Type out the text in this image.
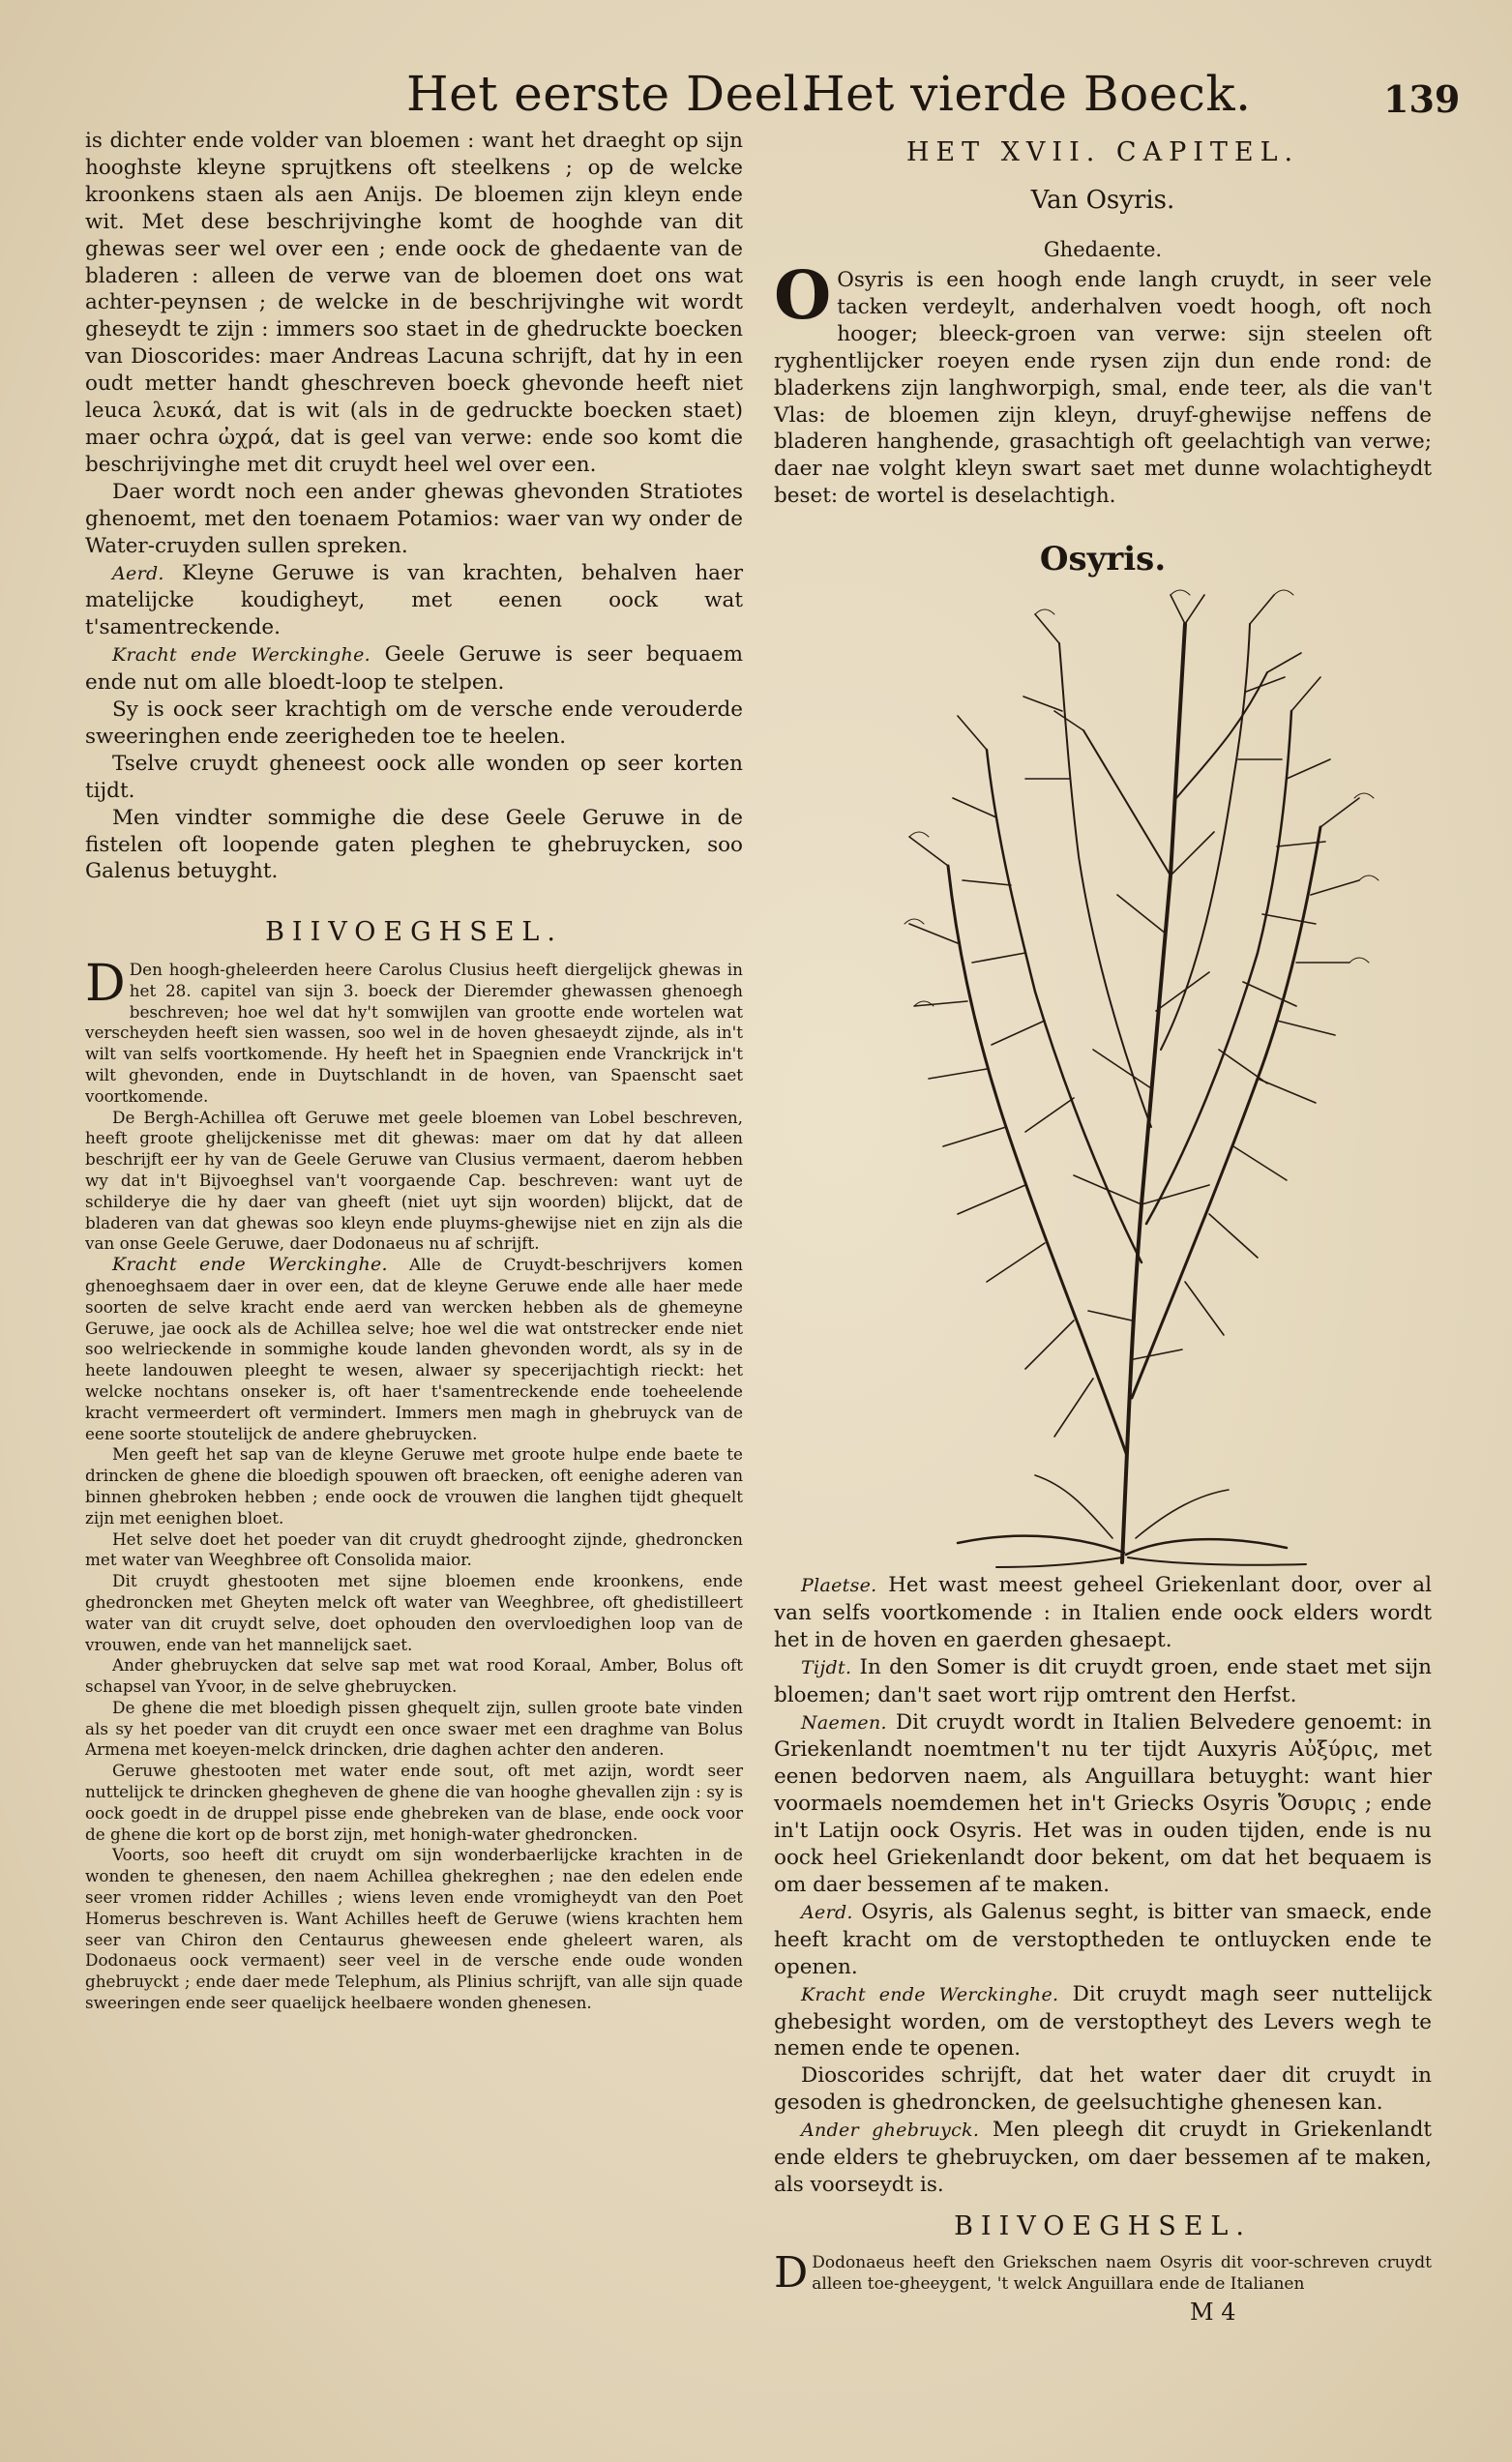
Het eerste Deel.
Het vierde Boeck.	139

is dichter ende volder van bloemen : want het draeght op sijn hooghste kleyne sprujtkens oft steelkens ; op de welcke kroonkens staen als aen Anijs. De bloemen zijn kleyn ende wit. Met dese beschrijvinghe komt de hooghde van dit ghewas seer wel over een ; ende oock de ghedaente van de bladeren : alleen de verwe van de bloemen doet ons wat achter-peynsen ; de welcke in de beschrijvinghe wit wordt gheseydt te zijn : immers soo staet in de ghedruckte boecken van Dioscorides: maer Andreas Lacuna schrijft, dat hy in een oudt metter handt gheschreven boeck ghevonde heeft niet leuca λευκά, dat is wit (als in de gedruckte boecken staet) maer ochra ὠχρά, dat is geel van verwe: ende soo komt die beschrijvinghe met dit cruydt heel wel over een.

Daer wordt noch een ander ghewas ghevonden Stratiotes ghenoemt, met den toenaem Potamios: waer van wy onder de Water-cruyden sullen spreken.

Aerd. Kleyne Geruwe is van krachten, behalven haer matelijcke koudigheyt, met eenen oock wat t'samentreckende.

Kracht ende Werckinghe. Geele Geruwe is seer bequaem ende nut om alle bloedt-loop te stelpen.

Sy is oock seer krachtigh om de versche ende verouderde sweeringhen ende zeerigheden toe te heelen.

Tselve cruydt gheneest oock alle wonden op seer korten tijdt.

Men vindter sommighe die dese Geele Geruwe in de fistelen oft loopende gaten pleghen te ghebruycken, soo Galenus betuyght.

BIIVOEGHSEL.

D Den hoogh-gheleerden heere Carolus Clusius heeft diergelijck ghewas in het 28. capitel van sijn 3. boeck der Dieremder ghewassen ghenoegh beschreven; hoe wel dat hy't somwijlen van grootte ende wortelen wat verscheyden heeft sien wassen, soo wel in de hoven ghesaeydt zijnde, als in't wilt van selfs voortkomende. Hy heeft het in Spaegnien ende Vranckrijck in't wilt ghevonden, ende in Duytschlandt in de hoven, van Spaenscht saet voortkomende.

De Bergh-Achillea oft Geruwe met geele bloemen van Lobel beschreven, heeft groote ghelijckenisse met dit ghewas: maer om dat hy dat alleen beschrijft eer hy van de Geele Geruwe van Clusius vermaent, daerom hebben wy dat in't Bijvoeghsel van't voorgaende Cap. beschreven: want uyt de schilderye die hy daer van gheeft (niet uyt sijn woorden) blijckt, dat de bladeren van dat ghewas soo kleyn ende pluyms-ghewijse niet en zijn als die van onse Geele Geruwe, daer Dodonaeus nu af schrijft.

Kracht ende Werckinghe. Alle de Cruydt-beschrijvers komen ghenoeghsaem daer in over een, dat de kleyne Geruwe ende alle haer mede soorten de selve kracht ende aerd van wercken hebben als de ghemeyne Geruwe, jae oock als de Achillea selve; hoe wel die wat ontstrecker ende niet soo welrieckende in sommighe koude landen ghevonden wordt, als sy in de heete landouwen pleeght te wesen, alwaer sy specerijachtigh rieckt: het welcke nochtans onseker is, oft haer t'samentreckende ende toeheelende kracht vermeerdert oft vermindert. Immers men magh in ghebruyck van de eene soorte stoutelijck de andere ghebruycken.

Men geeft het sap van de kleyne Geruwe met groote hulpe ende baete te drincken de ghene die bloedigh spouwen oft braecken, oft eenighe aderen van binnen ghebroken hebben ; ende oock de vrouwen die langhen tijdt ghequelt zijn met eenighen bloet.

Het selve doet het poeder van dit cruydt ghedrooght zijnde, ghedroncken met water van Weeghbree oft Consolida maior.

Dit cruydt ghestooten met sijne bloemen ende kroonkens, ende ghedroncken met Gheyten melck oft water van Weeghbree, oft ghedistilleert water van dit cruydt selve, doet ophouden den overvloedighen loop van de vrouwen, ende van het mannelijck saet.

Ander ghebruycken dat selve sap met wat rood Koraal, Amber, Bolus oft schapsel van Yvoor, in de selve ghebruycken.

De ghene die met bloedigh pissen ghequelt zijn, sullen groote bate vinden als sy het poeder van dit cruydt een once swaer met een draghme van Bolus Armena met koeyen-melck drincken, drie daghen achter den anderen.

Geruwe ghestooten met water ende sout, oft met azijn, wordt seer nuttelijck te drincken ghegheven de ghene die van hooghe ghevallen zijn : sy is oock goedt in de druppel pisse ende ghebreken van de blase, ende oock voor de ghene die kort op de borst zijn, met honigh-water ghedroncken.

Voorts, soo heeft dit cruydt om sijn wonderbaerlijcke krachten in de wonden te ghenesen, den naem Achillea ghekreghen ; nae den edelen ende seer vromen ridder Achilles ; wiens leven ende vromigheydt van den Poet Homerus beschreven is. Want Achilles heeft de Geruwe (wiens krachten hem seer van Chiron den Centaurus gheweesen ende gheleert waren, als Dodonaeus oock vermaent) seer veel in de versche ende oude wonden ghebruyckt ; ende daer mede Telephum, als Plinius schrijft, van alle sijn quade sweeringen ende seer quaelijck heelbaere wonden ghenesen.

HET XVII. CAPITEL.
Van Osyris.
Ghedaente.

O Osyris is een hoogh ende langh cruydt, in seer vele tacken verdeylt, anderhalven voedt hoogh, oft noch hooger; bleeck-groen van verwe: sijn steelen oft ryghentlijcker roeyen ende rysen zijn dun ende rond: de bladerkens zijn langhworpigh, smal, ende teer, als die van't Vlas: de bloemen zijn kleyn, druyf-ghewijse neffens de bladeren hanghende, grasachtigh oft geelachtigh van verwe; daer nae volght kleyn swart saet met dunne wolachtigheydt beset: de wortel is deselachtigh.

Osyris.

Plaetse. Het wast meest geheel Griekenlant door, over al van selfs voortkomende : in Italien ende oock elders wordt het in de hoven en gaerden ghesaept.

Tijdt. In den Somer is dit cruydt groen, ende staet met sijn bloemen; dan't saet wort rijp omtrent den Herfst.

Naemen. Dit cruydt wordt in Italien Belvedere genoemt: in Griekenlandt noemtmen't nu ter tijdt Auxyris Αὐξύρις, met eenen bedorven naem, als Anguillara betuyght: want hier voormaels noemdemen het in't Griecks Osyris Ὄσυρις ; ende in't Latijn oock Osyris. Het was in ouden tijden, ende is nu oock heel Griekenlandt door bekent, om dat het bequaem is om daer bessemen af te maken.

Aerd. Osyris, als Galenus seght, is bitter van smaeck, ende heeft kracht om de verstoptheden te ontluycken ende te openen.

Kracht ende Werckinghe. Dit cruydt magh seer nuttelijck ghebesight worden, om de verstoptheyt des Levers wegh te nemen ende te openen.

Dioscorides schrijft, dat het water daer dit cruydt in gesoden is ghedroncken, de geelsuchtighe ghenesen kan.

Ander ghebruyck. Men pleegh dit cruydt in Griekenlandt ende elders te ghebruycken, om daer bessemen af te maken, als voorseydt is.

BIIVOEGHSEL.

D Dodonaeus heeft den Griekschen naem Osyris dit voor-schreven cruydt alleen toe-gheeygent, 't welck Anguillara ende de Italianen

M 4
